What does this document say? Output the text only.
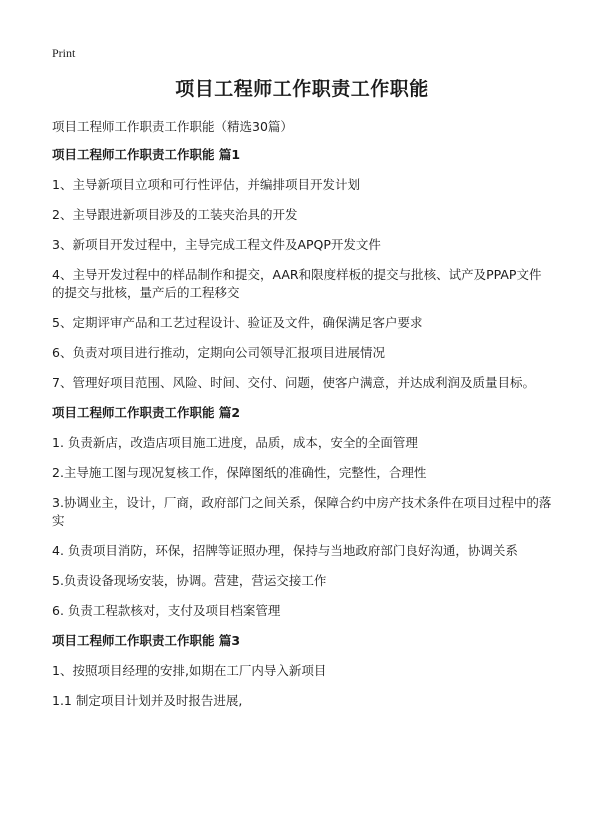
Print
项目工程师工作职责工作职能

项目工程师工作职责工作职能（精选30篇）

项目工程师工作职责工作职能 篇1

1、主导新项目立项和可行性评估，并编排项目开发计划

2、主导跟进新项目涉及的工装夹治具的开发

3、新项目开发过程中，主导完成工程文件及APQP开发文件

4、主导开发过程中的样品制作和提交，AAR和限度样板的提交与批核、试产及PPAP文件的提交与批核，量产后的工程移交

5、定期评审产品和工艺过程设计、验证及文件，确保满足客户要求

6、负责对项目进行推动，定期向公司领导汇报项目进展情况

7、管理好项目范围、风险、时间、交付、问题，使客户满意，并达成利润及质量目标。

项目工程师工作职责工作职能 篇2

1. 负责新店，改造店项目施工进度，品质，成本，安全的全面管理

2.主导施工图与现况复核工作，保障图纸的准确性，完整性，合理性

3.协调业主，设计，厂商，政府部门之间关系，保障合约中房产技术条件在项目过程中的落实

4. 负责项目消防，环保，招牌等证照办理，保持与当地政府部门良好沟通，协调关系

5.负责设备现场安装，协调。营建，营运交接工作

6. 负责工程款核对，支付及项目档案管理

项目工程师工作职责工作职能 篇3

1、按照项目经理的安排,如期在工厂内导入新项目

1.1 制定项目计划并及时报告进展,
